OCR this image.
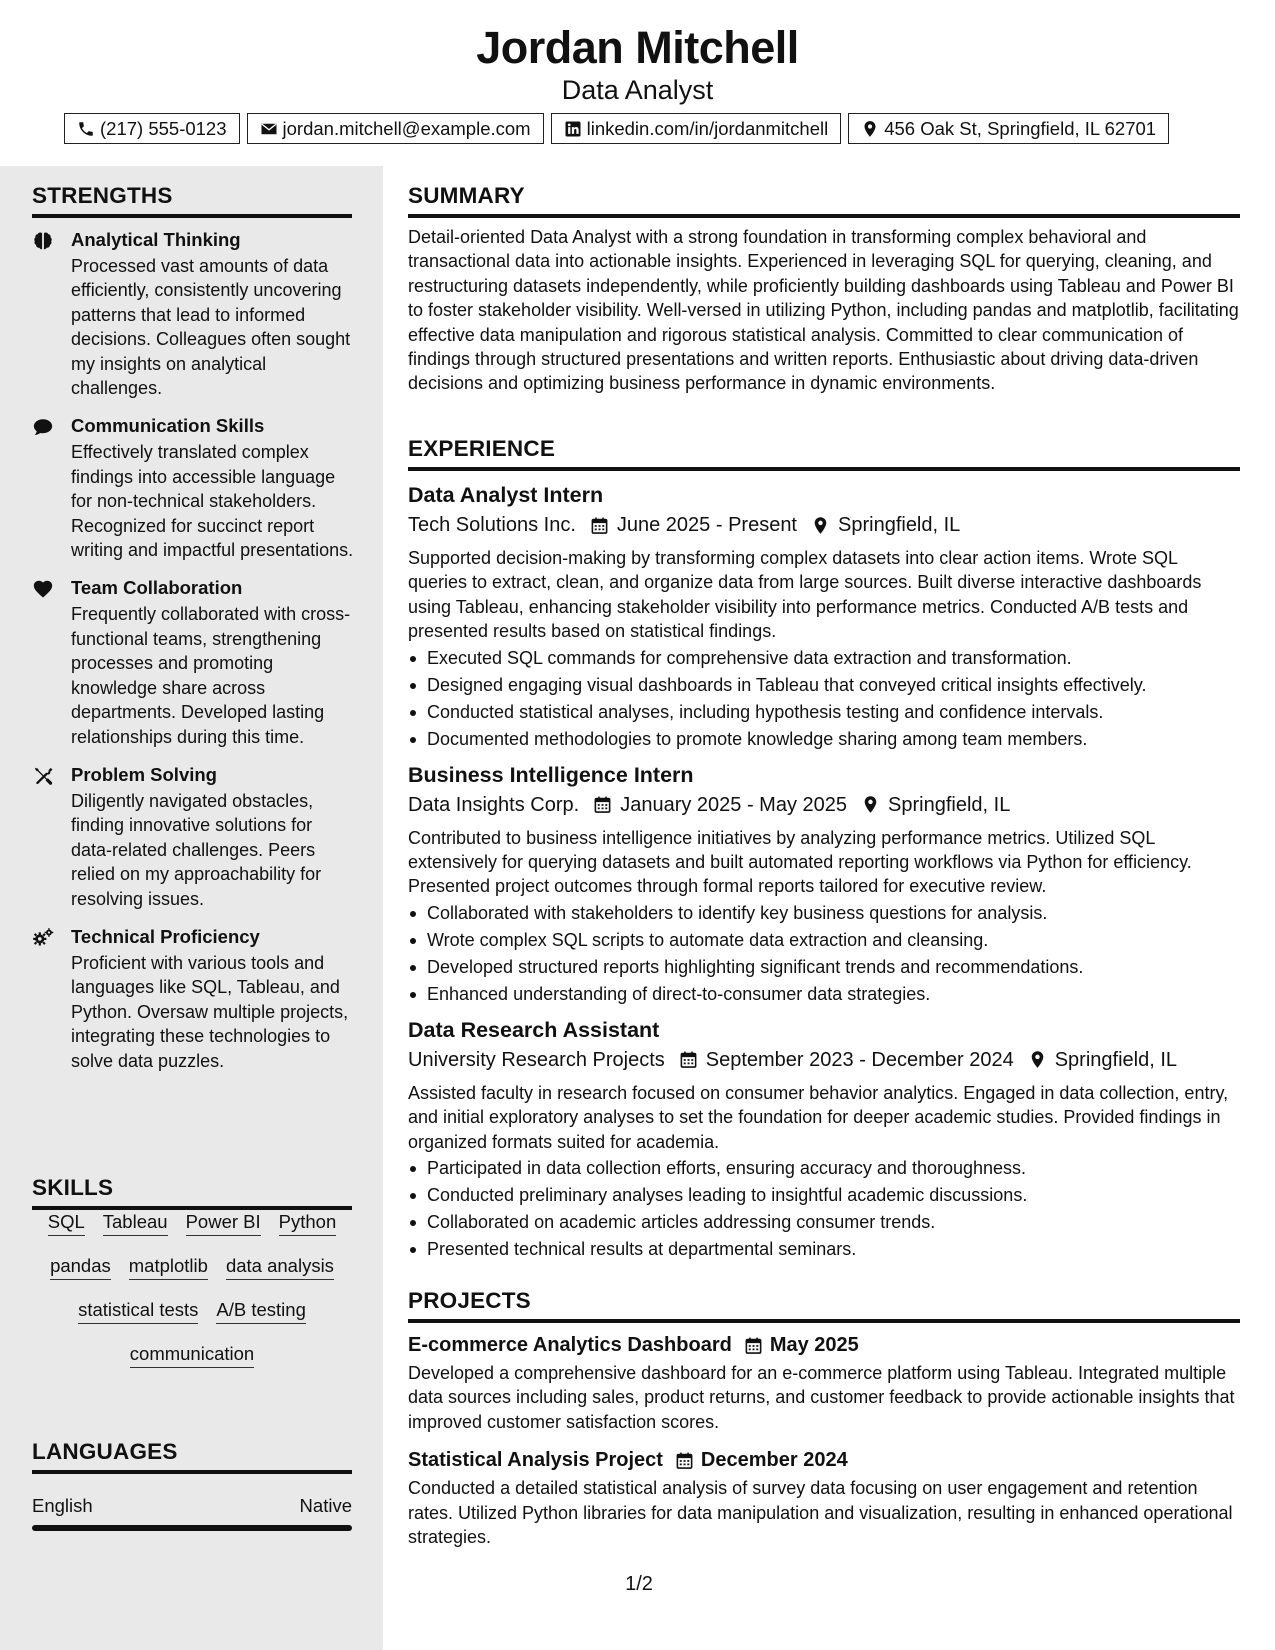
Jordan Mitchell
Data Analyst
(217) 555-0123	jordan.mitchell@example.com	linkedin.com/in/jordanmitchell	456 Oak St, Springfield, IL 62701
STRENGTHS
Analytical Thinking
Processed vast amounts of data efficiently, consistently uncovering patterns that lead to informed decisions. Colleagues often sought my insights on analytical challenges.
Communication Skills
Effectively translated complex findings into accessible language for non-technical stakeholders. Recognized for succinct report writing and impactful presentations.
Team Collaboration
Frequently collaborated with cross-functional teams, strengthening processes and promoting knowledge share across departments. Developed lasting relationships during this time.
Problem Solving
Diligently navigated obstacles, finding innovative solutions for data-related challenges. Peers relied on my approachability for resolving issues.
Technical Proficiency
Proficient with various tools and languages like SQL, Tableau, and Python. Oversaw multiple projects, integrating these technologies to solve data puzzles.
SKILLS
SQL Tableau Power BI Python
pandas matplotlib data analysis
statistical tests A/B testing
communication
LANGUAGES
English	Native
SUMMARY
Detail-oriented Data Analyst with a strong foundation in transforming complex behavioral and transactional data into actionable insights. Experienced in leveraging SQL for querying, cleaning, and restructuring datasets independently, while proficiently building dashboards using Tableau and Power BI to foster stakeholder visibility. Well-versed in utilizing Python, including pandas and matplotlib, facilitating effective data manipulation and rigorous statistical analysis. Committed to clear communication of findings through structured presentations and written reports. Enthusiastic about driving data-driven decisions and optimizing business performance in dynamic environments.
EXPERIENCE
Data Analyst Intern
Tech Solutions Inc. June 2025 - Present Springfield, IL
Supported decision-making by transforming complex datasets into clear action items. Wrote SQL queries to extract, clean, and organize data from large sources. Built diverse interactive dashboards using Tableau, enhancing stakeholder visibility into performance metrics. Conducted A/B tests and presented results based on statistical findings.
Executed SQL commands for comprehensive data extraction and transformation.
Designed engaging visual dashboards in Tableau that conveyed critical insights effectively.
Conducted statistical analyses, including hypothesis testing and confidence intervals.
Documented methodologies to promote knowledge sharing among team members.
Business Intelligence Intern
Data Insights Corp. January 2025 - May 2025 Springfield, IL
Contributed to business intelligence initiatives by analyzing performance metrics. Utilized SQL extensively for querying datasets and built automated reporting workflows via Python for efficiency. Presented project outcomes through formal reports tailored for executive review.
Collaborated with stakeholders to identify key business questions for analysis.
Wrote complex SQL scripts to automate data extraction and cleansing.
Developed structured reports highlighting significant trends and recommendations.
Enhanced understanding of direct-to-consumer data strategies.
Data Research Assistant
University Research Projects September 2023 - December 2024 Springfield, IL
Assisted faculty in research focused on consumer behavior analytics. Engaged in data collection, entry, and initial exploratory analyses to set the foundation for deeper academic studies. Provided findings in organized formats suited for academia.
Participated in data collection efforts, ensuring accuracy and thoroughness.
Conducted preliminary analyses leading to insightful academic discussions.
Collaborated on academic articles addressing consumer trends.
Presented technical results at departmental seminars.
PROJECTS
E-commerce Analytics Dashboard May 2025
Developed a comprehensive dashboard for an e-commerce platform using Tableau. Integrated multiple data sources including sales, product returns, and customer feedback to provide actionable insights that improved customer satisfaction scores.
Statistical Analysis Project December 2024
Conducted a detailed statistical analysis of survey data focusing on user engagement and retention rates. Utilized Python libraries for data manipulation and visualization, resulting in enhanced operational strategies.
1/2
